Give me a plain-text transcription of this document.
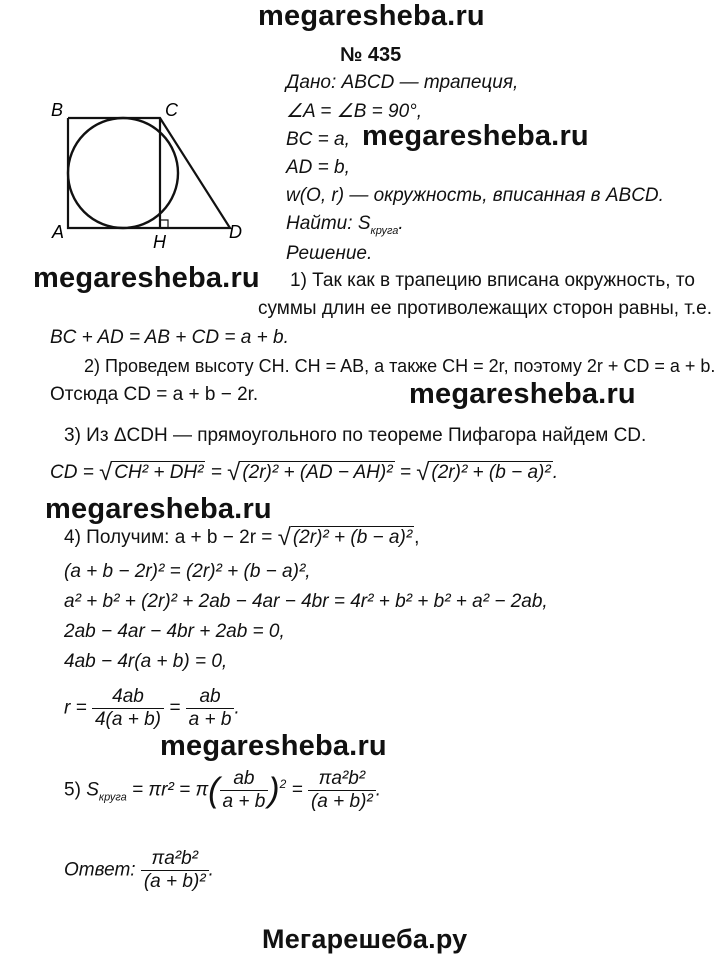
megaresheba.ru
megaresheba.ru
megaresheba.ru
megaresheba.ru
megaresheba.ru
megaresheba.ru
Мегарешеба.ру
№ 435
B	C
A	H	D
Дано: ABCD — трапеция,
∠A = ∠B = 90°,
BC = a,
AD = b,
w(O, r) — окружность, вписанная в ABCD.
Найти: $S_{круга}$.
Решение.
1) Так как в трапецию вписана окружность, то
суммы длин ее противолежащих сторон равны, т.е.
BC + AD = AB + CD = a + b.
2) Проведем высоту CH. CH = AB, а также CH = 2r, поэтому 2r + CD = a + b.
Отсюда CD = a + b − 2r.
3) Из ΔCDH — прямоугольного по теореме Пифагора найдем CD.
CD = √ CH² + DH² = √ (2r)² + (AD − AH)² = √ (2r)² + (b − a)² .
4) Получим: a + b − 2r = √ (2r)² + (b − a)² ,
(a + b − 2r)² = (2r)² + (b − a)²,
a² + b² + (2r)² + 2ab − 4ar − 4br = 4r² + b² + b² + a² − 2ab,
2ab − 4ar − 4br + 2ab = 0,
4ab − 4r(a + b) = 0,
$r = \frac{4ab}{4(a + b)} = \frac{ab}{a + b}$ .
5) $S_{круга} = \pi r^2 = \pi( \frac{ab}{a + b} )^2 = \frac{\text{πa²b²}}{\text{(a + b)²}}$ .
Ответ: $\frac{\text{πa²b²}}{\text{(a + b)²}}$ .
